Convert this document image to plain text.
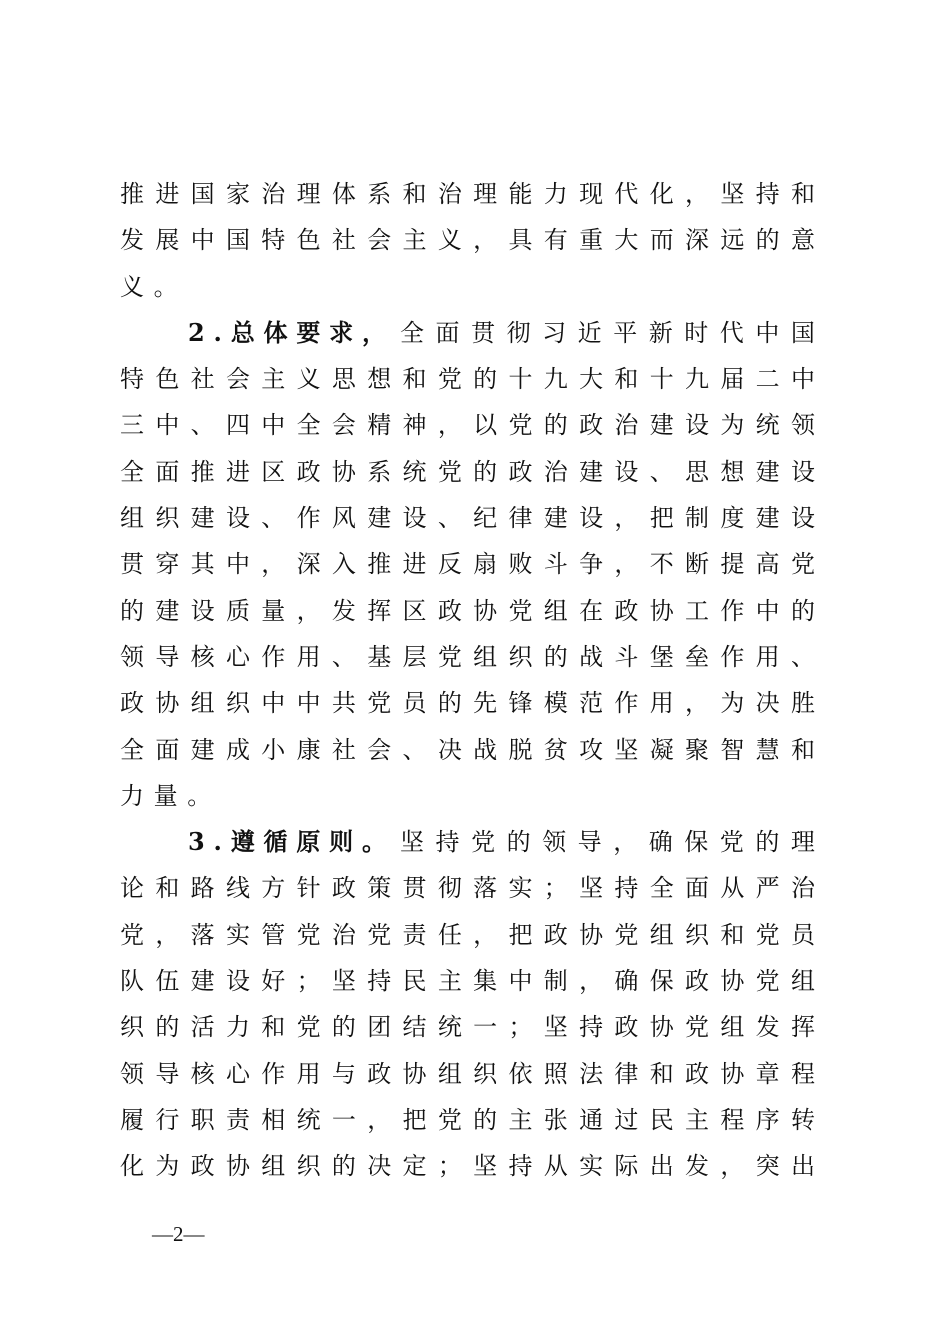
推 进 国 家 治 理 体 系 和 治 理 能 力 现 代 化 ， 坚 持 和
发 展 中 国 特 色 社 会 主 义 ， 具 有 重 大 而 深 远 的 意
义 。
2 . 总 体 要 求 ， 全 面 贯 彻 习 近 平 新 时 代 中 国
特 色 社 会 主 义 思 想 和 党 的 十 九 大 和 十 九 届 二 中
三 中 、 四 中 全 会 精 神 ， 以 党 的 政 治 建 设 为 统 领
全 面 推 进 区 政 协 系 统 党 的 政 治 建 设 、 思 想 建 设
组 织 建 设 、 作 风 建 设 、 纪 律 建 设 ， 把 制 度 建 设
贯 穿 其 中 ， 深 入 推 进 反 扇 败 斗 争 ， 不 断 提 高 党
的 建 设 质 量 ， 发 挥 区 政 协 党 组 在 政 协 工 作 中 的
领 导 核 心 作 用 、 基 层 党 组 织 的 战 斗 堡 垒 作 用 、
政 协 组 织 中 中 共 党 员 的 先 锋 模 范 作 用 ， 为 决 胜
全 面 建 成 小 康 社 会 、 决 战 脱 贫 攻 坚 凝 聚 智 慧 和
力 量 。
3 . 遵 循 原 则 。 坚 持 党 的 领 导 ， 确 保 党 的 理
论 和 路 线 方 针 政 策 贯 彻 落 实 ； 坚 持 全 面 从 严 治
党 ， 落 实 管 党 治 党 责 任 ， 把 政 协 党 组 织 和 党 员
队 伍 建 设 好 ； 坚 持 民 主 集 中 制 ， 确 保 政 协 党 组
织 的 活 力 和 党 的 团 结 统 一 ； 坚 持 政 协 党 组 发 挥
领 导 核 心 作 用 与 政 协 组 织 依 照 法 律 和 政 协 章 程
履 行 职 责 相 统 一 ， 把 党 的 主 张 通 过 民 主 程 序 转
化 为 政 协 组 织 的 决 定 ； 坚 持 从 实 际 出 发 ， 突 出
—2—
